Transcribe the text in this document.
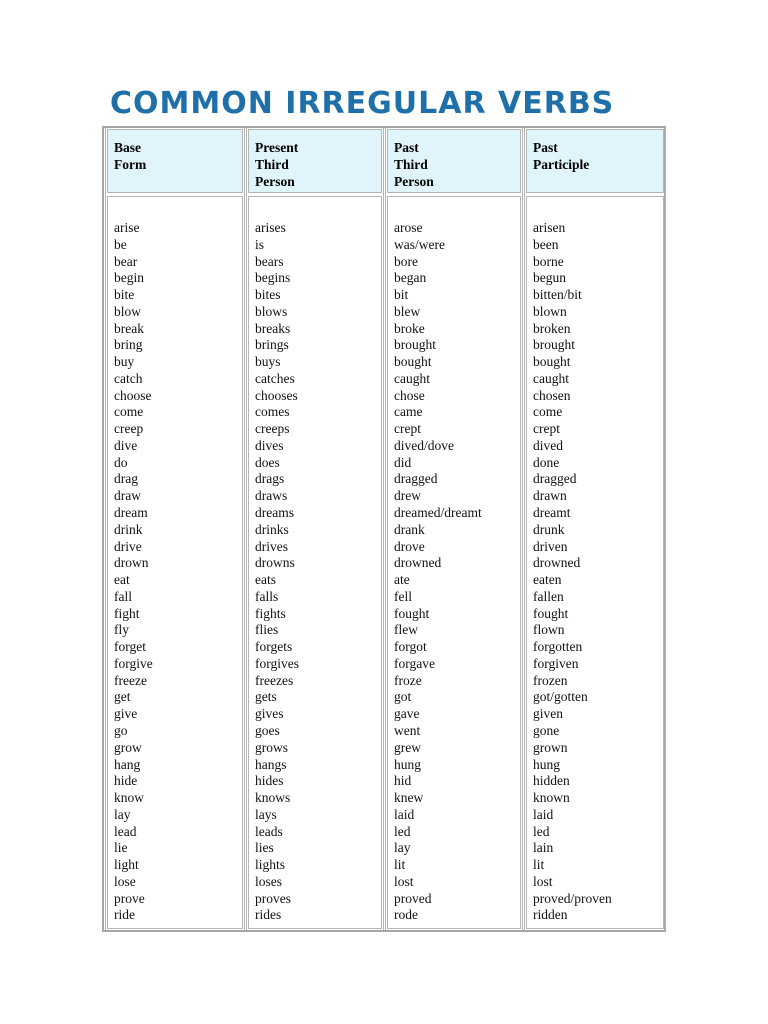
COMMON IRREGULAR VERBS
Base
Form
arise
be
bear
begin
bite
blow
break
bring
buy
catch
choose
come
creep
dive
do
drag
draw
dream
drink
drive
drown
eat
fall
fight
fly
forget
forgive
freeze
get
give
go
grow
hang
hide
know
lay
lead
lie
light
lose
prove
ride
Present
Third
Person
arises
is
bears
begins
bites
blows
breaks
brings
buys
catches
chooses
comes
creeps
dives
does
drags
draws
dreams
drinks
drives
drowns
eats
falls
fights
flies
forgets
forgives
freezes
gets
gives
goes
grows
hangs
hides
knows
lays
leads
lies
lights
loses
proves
rides
Past
Third
Person
arose
was/were
bore
began
bit
blew
broke
brought
bought
caught
chose
came
crept
dived/dove
did
dragged
drew
dreamed/dreamt
drank
drove
drowned
ate
fell
fought
flew
forgot
forgave
froze
got
gave
went
grew
hung
hid
knew
laid
led
lay
lit
lost
proved
rode
Past
Participle
arisen
been
borne
begun
bitten/bit
blown
broken
brought
bought
caught
chosen
come
crept
dived
done
dragged
drawn
dreamt
drunk
driven
drowned
eaten
fallen
fought
flown
forgotten
forgiven
frozen
got/gotten
given
gone
grown
hung
hidden
known
laid
led
lain
lit
lost
proved/proven
ridden
